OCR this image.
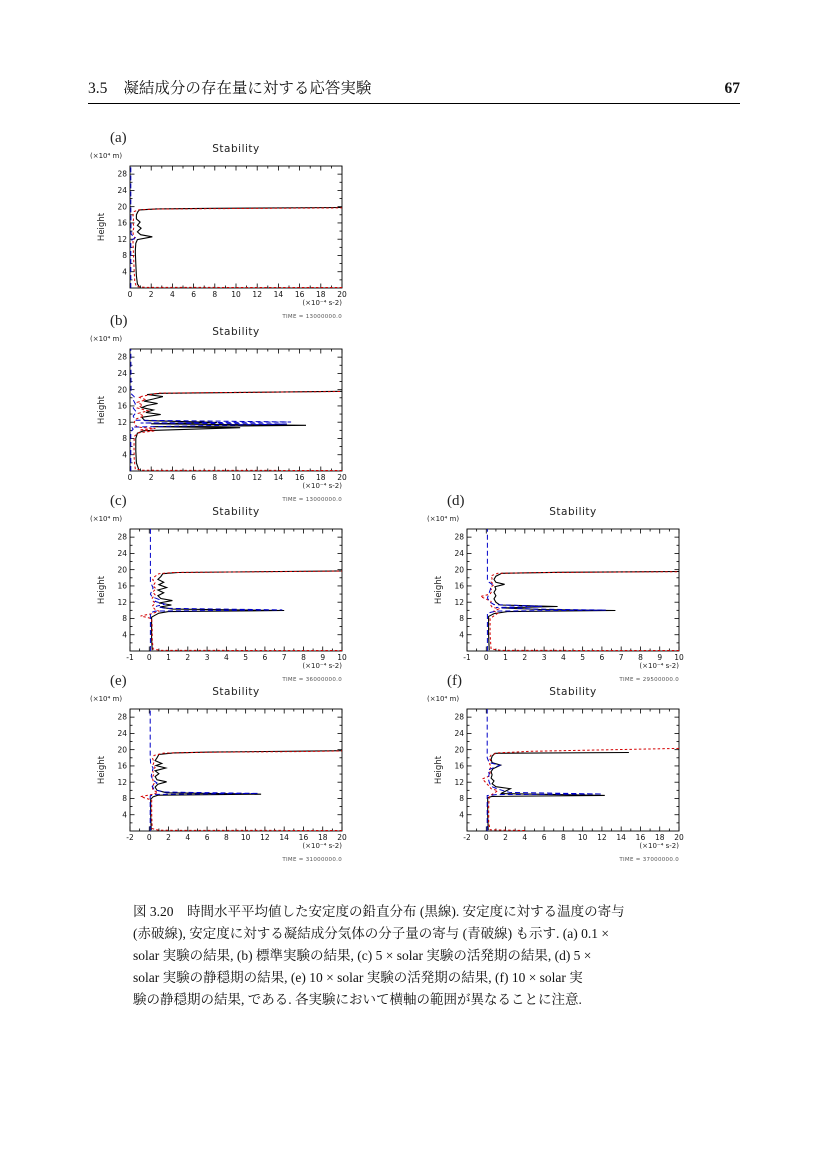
3.5 凝結成分の存在量に対する応答実験	67
(a)
Stability
(×10⁴ m)
Height
0 2 4 6 8 10 12 14 16 18 20
4
8
12
16
20
24
28
(×10⁻⁴ s-2)
TIME = 13000000.0
(b)
Stability
(×10⁴ m)
Height
0 2 4 6 8 10 12 14 16 18 20
4
8
12
16
20
24
28
(×10⁻⁴ s-2)
TIME = 13000000.0
(c)
Stability
(×10⁴ m)
Height
-1 0 1 2 3 4 5 6 7 8 9 10
4
8
12
16
20
24
28
(×10⁻⁴ s-2)
TIME = 36000000.0
(d)
Stability
(×10⁴ m)
Height
-1 0 1 2 3 4 5 6 7 8 9 10
4
8
12
16
20
24
28
(×10⁻⁴ s-2)
TIME = 29500000.0
(e)
Stability
(×10⁴ m)
Height
-2 0 2 4 6 8 10 12 14 16 18 20
4
8
12
16
20
24
28
(×10⁻⁴ s-2)
TIME = 31000000.0
(f)
Stability
(×10⁴ m)
Height
-2 0 2 4 6 8 10 12 14 16 18 20
4
8
12
16
20
24
28
(×10⁻⁴ s-2)
TIME = 37000000.0
図 3.20　時間水平平均値した安定度の鉛直分布 (黒線). 安定度に対する温度の寄与
(赤破線), 安定度に対する凝結成分気体の分子量の寄与 (青破線) も示す. (a) 0.1 ×
solar 実験の結果, (b) 標準実験の結果, (c) 5 × solar 実験の活発期の結果, (d) 5 ×
solar 実験の静穏期の結果, (e) 10 × solar 実験の活発期の結果, (f) 10 × solar 実
験の静穏期の結果, である. 各実験において横軸の範囲が異なることに注意.
